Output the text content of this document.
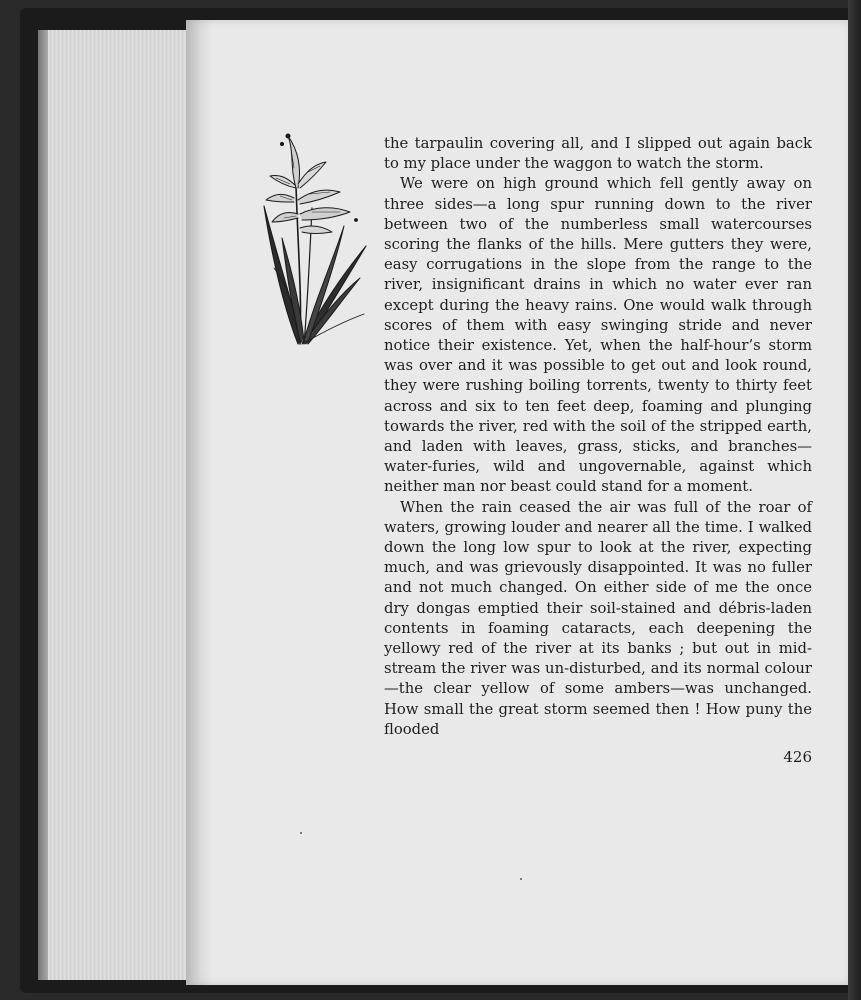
the tarpaulin covering all, and I slipped out again back to my place under the waggon to watch the storm.

We were on high ground which fell gently away on three sides—a long spur running down to the river between two of the numberless small watercourses scoring the flanks of the hills. Mere gutters they were, easy corrugations in the slope from the range to the river, insignificant drains in which no water ever ran except during the heavy rains. One would walk through scores of them with easy swinging stride and never notice their existence. Yet, when the half-hour’s storm was over and it was possible to get out and look round, they were rushing boiling torrents, twenty to thirty feet across and six to ten feet deep, foaming and plunging towards the river, red with the soil of the stripped earth, and laden with leaves, grass, sticks, and branches—water-furies, wild and ungovernable, against which neither man nor beast could stand for a moment.

When the rain ceased the air was full of the roar of waters, growing louder and nearer all the time. I walked down the long low spur to look at the river, expecting much, and was grievously disappointed. It was no fuller and not much changed. On either side of me the once dry dongas emptied their soil-stained and débris-laden contents in foaming cataracts, each deepening the yellowy red of the river at its banks ; but out in mid-stream the river was un-disturbed, and its normal colour—the clear yellow of some ambers—was unchanged. How small the great storm seemed then ! How puny the flooded

426
